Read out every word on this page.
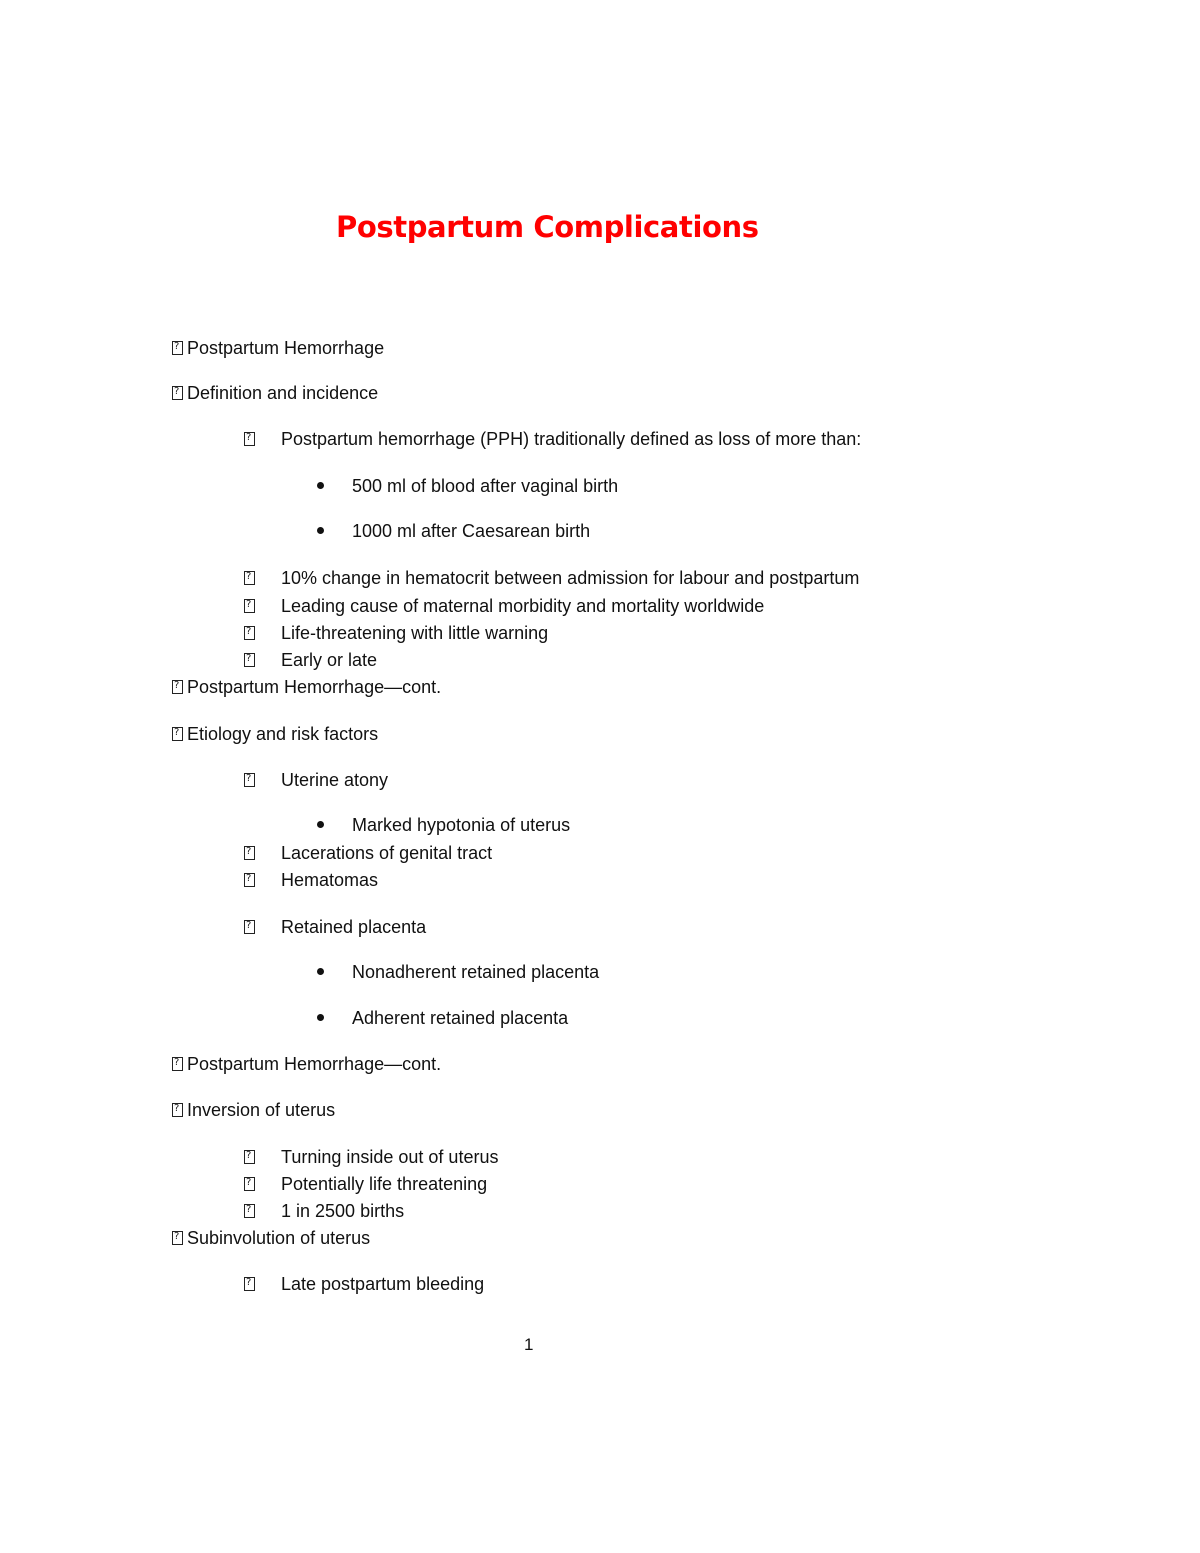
Postpartum Complications
?Postpartum Hemorrhage
?Definition and incidence
?
Postpartum hemorrhage (PPH) traditionally defined as loss of more than:
500 ml of blood after vaginal birth
1000 ml after Caesarean birth
?
10% change in hematocrit between admission for labour and postpartum
?
Leading cause of maternal morbidity and mortality worldwide
?
Life-threatening with little warning
?
Early or late
?Postpartum Hemorrhage—cont.
?Etiology and risk factors
?
Uterine atony
Marked hypotonia of uterus
?
Lacerations of genital tract
?
Hematomas
?
Retained placenta
Nonadherent retained placenta
Adherent retained placenta
?Postpartum Hemorrhage—cont.
?Inversion of uterus
?
Turning inside out of uterus
?
Potentially life threatening
?
1 in 2500 births
?Subinvolution of uterus
?
Late postpartum bleeding
1
